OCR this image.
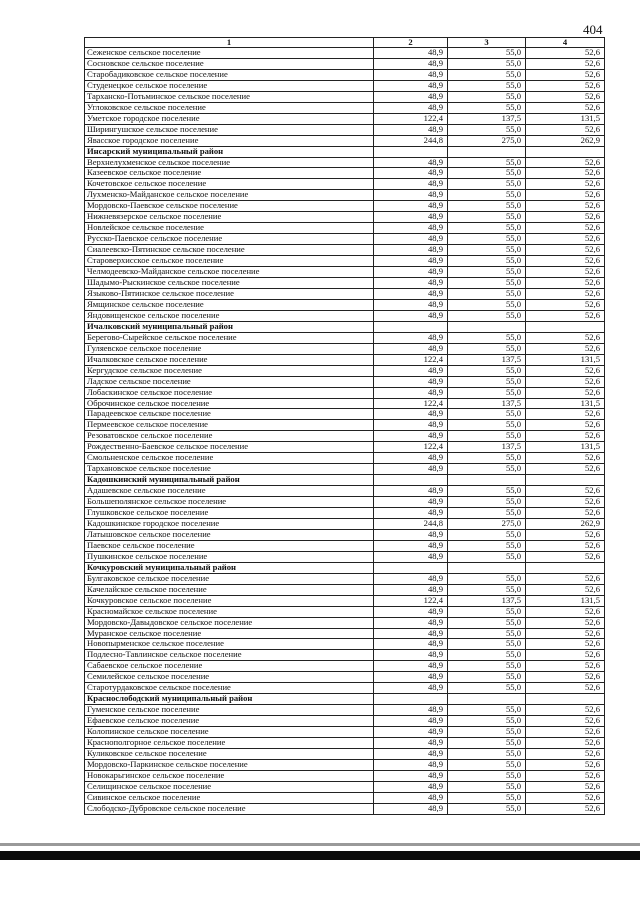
404
1	2	3	4
Сеженское сельское поселение	48,9	55,0	52,6
Сосновское сельское поселение	48,9	55,0	52,6
Старобадиковское сельское поселение	48,9	55,0	52,6
Студенецкое сельское поселение	48,9	55,0	52,6
Тарханско-Потьминское сельское поселение	48,9	55,0	52,6
Углоковское сельское поселение	48,9	55,0	52,6
Уметское городское поселение	122,4	137,5	131,5
Ширингушское сельское поселение	48,9	55,0	52,6
Явасское городское поселение	244,8	275,0	262,9
Инсарский муниципальный район			
Верхнелухменское сельское поселение	48,9	55,0	52,6
Казеевское сельское поселение	48,9	55,0	52,6
Кочетовское сельское поселение	48,9	55,0	52,6
Лухменско-Майданское сельское поселение	48,9	55,0	52,6
Мордовско-Паевское сельское поселение	48,9	55,0	52,6
Нижневязерское сельское поселение	48,9	55,0	52,6
Новлейское сельское поселение	48,9	55,0	52,6
Русско-Паевское сельское поселение	48,9	55,0	52,6
Сиалеевско-Пятинское сельское поселение	48,9	55,0	52,6
Староверхисское сельское поселение	48,9	55,0	52,6
Челмодеевско-Майданское сельское поселение	48,9	55,0	52,6
Шадымо-Рыскинское сельское поселение	48,9	55,0	52,6
Языково-Пятинское сельское поселение	48,9	55,0	52,6
Ямщинское сельское поселение	48,9	55,0	52,6
Яндовищенское сельское поселение	48,9	55,0	52,6
Ичалковский муниципальный район			
Берегово-Сырейское сельское поселение	48,9	55,0	52,6
Гуляевское сельское поселение	48,9	55,0	52,6
Ичалковское сельское поселение	122,4	137,5	131,5
Кергудское сельское поселение	48,9	55,0	52,6
Ладское сельское поселение	48,9	55,0	52,6
Лобаскинское сельское поселение	48,9	55,0	52,6
Оброчинское сельское поселение	122,4	137,5	131,5
Парадеевское сельское поселение	48,9	55,0	52,6
Пермеевское сельское поселение	48,9	55,0	52,6
Резоватовское сельское поселение	48,9	55,0	52,6
Рождественно-Баевское сельское поселение	122,4	137,5	131,5
Смольненское сельское поселение	48,9	55,0	52,6
Тархановское сельское поселение	48,9	55,0	52,6
Кадошкинский муниципальный район			
Адашевское сельское поселение	48,9	55,0	52,6
Большеполянское сельское поселение	48,9	55,0	52,6
Глушковское сельское поселение	48,9	55,0	52,6
Кадошкинское городское поселение	244,8	275,0	262,9
Латышовское сельское поселение	48,9	55,0	52,6
Паевское сельское поселение	48,9	55,0	52,6
Пушкинское сельское поселение	48,9	55,0	52,6
Кочкуровский муниципальный район			
Булгаковское сельское поселение	48,9	55,0	52,6
Качелайское сельское поселение	48,9	55,0	52,6
Кочкуровское сельское поселение	122,4	137,5	131,5
Красномайское сельское поселение	48,9	55,0	52,6
Мордовско-Давыдовское сельское поселение	48,9	55,0	52,6
Муранское сельское поселение	48,9	55,0	52,6
Новопырменское сельское поселение	48,9	55,0	52,6
Подлесно-Тавлинское сельское поселение	48,9	55,0	52,6
Сабаевское сельское поселение	48,9	55,0	52,6
Семилейское сельское поселение	48,9	55,0	52,6
Старотурдаковское сельское поселение	48,9	55,0	52,6
Краснослободский муниципальный район			
Гуменское сельское поселение	48,9	55,0	52,6
Ефаевское сельское поселение	48,9	55,0	52,6
Колопинское сельское поселение	48,9	55,0	52,6
Краснополгорное сельское поселение	48,9	55,0	52,6
Куликовское сельское поселение	48,9	55,0	52,6
Мордовско-Паркинское сельское поселение	48,9	55,0	52,6
Новокарьгинское сельское поселение	48,9	55,0	52,6
Селищинское сельское поселение	48,9	55,0	52,6
Сивинское сельское поселение	48,9	55,0	52,6
Слободско-Дубровское сельское поселение	48,9	55,0	52,6
